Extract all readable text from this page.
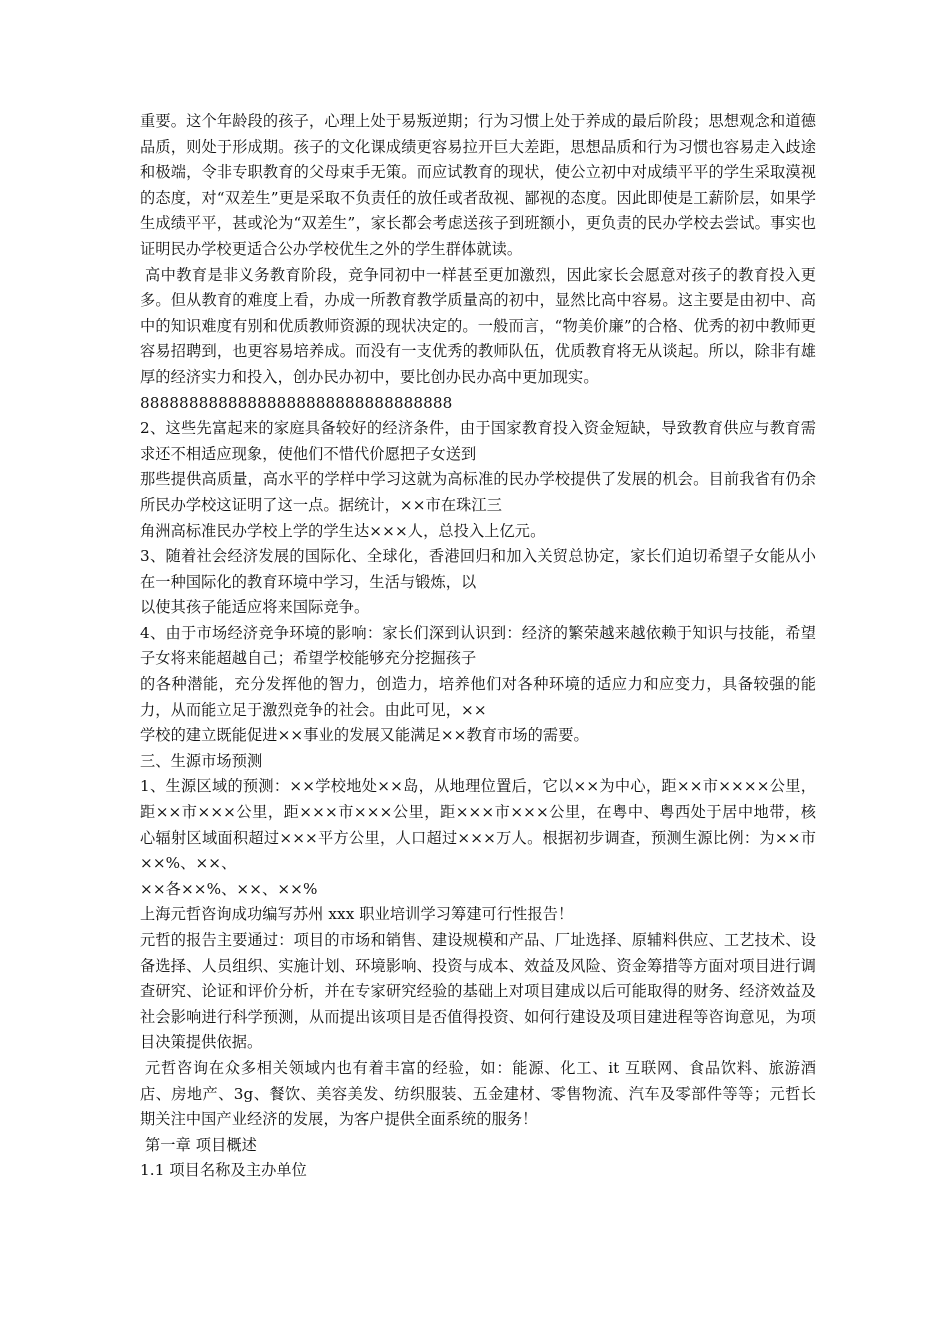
重要。这个年龄段的孩子，心理上处于易叛逆期；行为习惯上处于养成的最后阶段；思想观念和道德品质，则处于形成期。孩子的文化课成绩更容易拉开巨大差距，思想品质和行为习惯也容易走入歧途和极端，令非专职教育的父母束手无策。而应试教育的现状，使公立初中对成绩平平的学生采取漠视的态度，对“双差生”更是采取不负责任的放任或者敌视、鄙视的态度。因此即使是工薪阶层，如果学生成绩平平，甚或沦为“双差生”，家长都会考虑送孩子到班额小，更负责的民办学校去尝试。事实也证明民办学校更适合公办学校优生之外的学生群体就读。

高中教育是非义务教育阶段，竞争同初中一样甚至更加激烈，因此家长会愿意对孩子的教育投入更多。但从教育的难度上看，办成一所教育教学质量高的初中，显然比高中容易。这主要是由初中、高中的知识难度有别和优质教师资源的现状决定的。一般而言，“物美价廉”的合格、优秀的初中教师更容易招聘到，也更容易培养成。而没有一支优秀的教师队伍，优质教育将无从谈起。所以，除非有雄厚的经济实力和投入，创办民办初中，要比创办民办高中更加现实。

88888888888888888888888888888888

2、这些先富起来的家庭具备较好的经济条件，由于国家教育投入资金短缺，导致教育供应与教育需求还不相适应现象，使他们不惜代价愿把子女送到

那些提供高质量，高水平的学样中学习这就为高标准的民办学校提供了发展的机会。目前我省有仍余所民办学校这证明了这一点。据统计，××市在珠江三

角洲高标准民办学校上学的学生达×××人，总投入上亿元。

3、随着社会经济发展的国际化、全球化，香港回归和加入关贸总协定，家长们迫切希望子女能从小在一种国际化的教育环境中学习，生活与锻炼，以

以使其孩子能适应将来国际竞争。

4、由于市场经济竞争环境的影响：家长们深到认识到：经济的繁荣越来越依赖于知识与技能，希望子女将来能超越自己；希望学校能够充分挖掘孩子

的各种潜能，充分发挥他的智力，创造力，培养他们对各种环境的适应力和应变力，具备较强的能力，从而能立足于激烈竞争的社会。由此可见，××

学校的建立既能促进××事业的发展又能满足××教育市场的需要。

三、生源市场预测

1、生源区域的预测：××学校地处××岛，从地理位置后，它以××为中心，距××市××××公里，距××市×××公里，距×××市×××公里，距×××市×××公里，在粤中、粤西处于居中地带，核心辐射区域面积超过×××平方公里，人口超过×××万人。根据初步调查，预测生源比例：为××市××%、××、

××各××%、××、××%

上海元哲咨询成功编写苏州 xxx 职业培训学习筹建可行性报告！

元哲的报告主要通过：项目的市场和销售、建设规模和产品、厂址选择、原辅料供应、工艺技术、设备选择、人员组织、实施计划、环境影响、投资与成本、效益及风险、资金筹措等方面对项目进行调查研究、论证和评价分析，并在专家研究经验的基础上对项目建成以后可能取得的财务、经济效益及社会影响进行科学预测，从而提出该项目是否值得投资、如何行建设及项目建进程等咨询意见，为项目决策提供依据。

元哲咨询在众多相关领域内也有着丰富的经验，如：能源、化工、it 互联网、食品饮料、旅游酒店、房地产、3g、餐饮、美容美发、纺织服装、五金建材、零售物流、汽车及零部件等等；元哲长期关注中国产业经济的发展，为客户提供全面系统的服务！

第一章 项目概述

1.1 项目名称及主办单位
